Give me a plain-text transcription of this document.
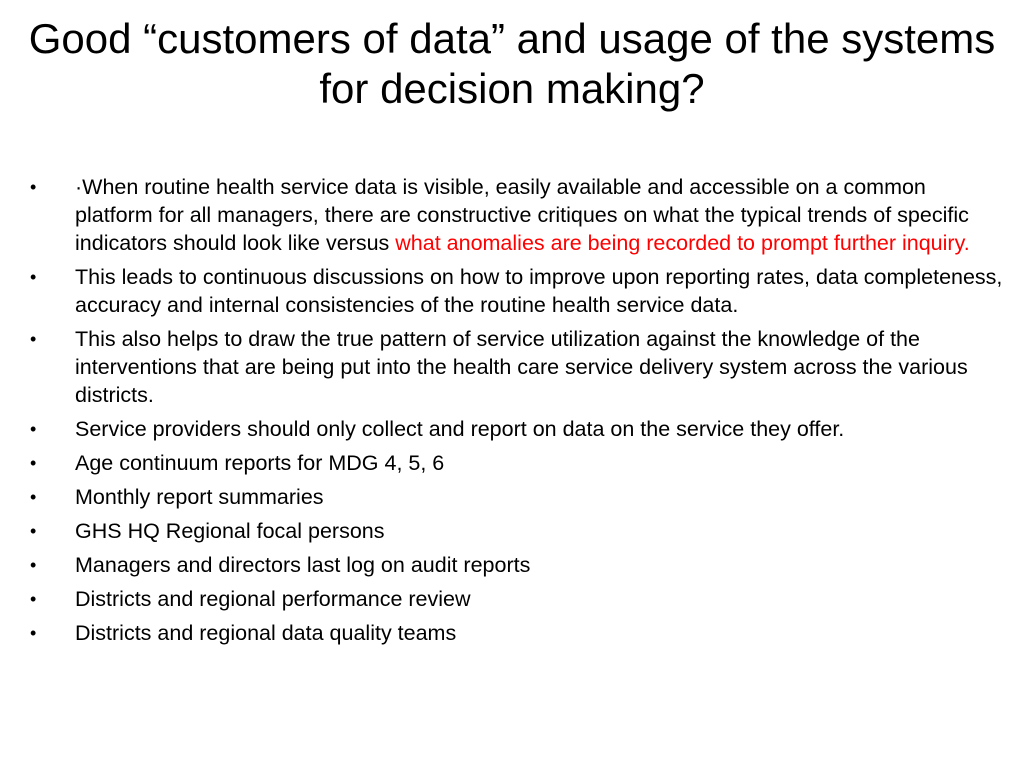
Good “customers of data” and usage of the systems for decision making?
•	·When routine health service data is visible, easily available and accessible on a common platform for all managers, there are constructive critiques on what the typical trends of specific indicators should look like versus what anomalies are being recorded to prompt further inquiry.
•	This leads to continuous discussions on how to improve upon reporting rates, data completeness, accuracy and internal consistencies of the routine health service data.
•	This also helps to draw the true pattern of service utilization against the knowledge of the interventions that are being put into the health care service delivery system across the various districts.
•	Service providers should only collect and report on data on the service they offer.
•	Age continuum reports for MDG 4, 5, 6
•	Monthly report summaries
•	GHS HQ Regional focal persons
•	Managers and directors last log on audit reports
•	Districts and regional performance review
•	Districts and regional data quality teams
